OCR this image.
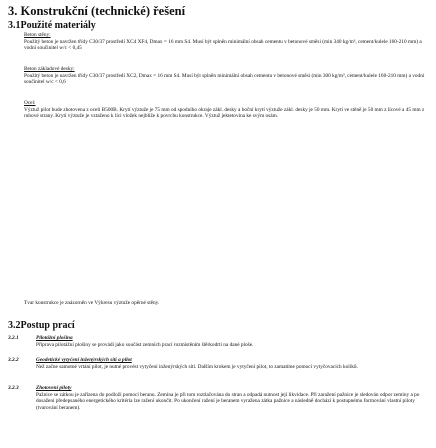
3. Konstrukční (technické) řešení
3.1Použité materiály
Beton stěny:
Použitý beton je navržen třídy C30/37 prostředí XC4 XF4, Dmax = 16 mm S4. Musí být splněn minimální obsah cementu v betonové směsi (min 340 kg/m³, cement/kulele 160-210 mm) a vodní součinitel w/c < 0,45
Beton základové desky:
Použitý beton je navržen třídy C30/37 prostředí XC2, Dmax = 16 mm S4. Musí být splněn minimální obsah cementu v betonové směsi (min 300 kg/m³, cement/kulele 160-210 mm) a vodní součinitel w/c < 0,6
Ocel:
Výztuž pilot bude zhotovena z oceli B500B. Krytí výztuže je 75 mm od spodního okraje zákl. desky a boční krytí výztuže zákl. desky je 50 mm. Krytí ve stěně je 50 mm z lícové a 45 mm z rubové strany. Krytí výztuže je vztaženo k líci vložek nejbliže k povrchu konstrukce. Výztuž jektetovina ke svým osám.
Tvar konstrukce je znázorněn ve Výkresu výztuže opěrné stěny.
3.2Postup prací
3.2.1	Pilotážní plošina
Příprava pilotážní plošiny se provádí jako součást zemních prací rozmístěním štěrkodrti na dané ploše.
3.2.2	Geodetické vytyčení inženýrských sítí a pilot
Než začne samotné vrtání pilot, je nutné provést vytyčení inženýrských sítí. Dalším krokem je vytyčení pilot, to zamatíme pomocí vytyčovacích kolíků.
3.2.3	Zhotovení piloty
Pažnice se zátkou je zařízena do podloží pomocí beranu. Zemina je při tom roztlačována do stran a odpadá nutnost její likvidace. Při zaražení pažnice je sledován odpor zeminy a po dosažení předepsaného energetického kritéria lze ražení ukončit. Po ukončení ražení je beranem vyražena zátka pažnice a následně dochází k postupnému formování vlastní piloty (tvarování beranem).
